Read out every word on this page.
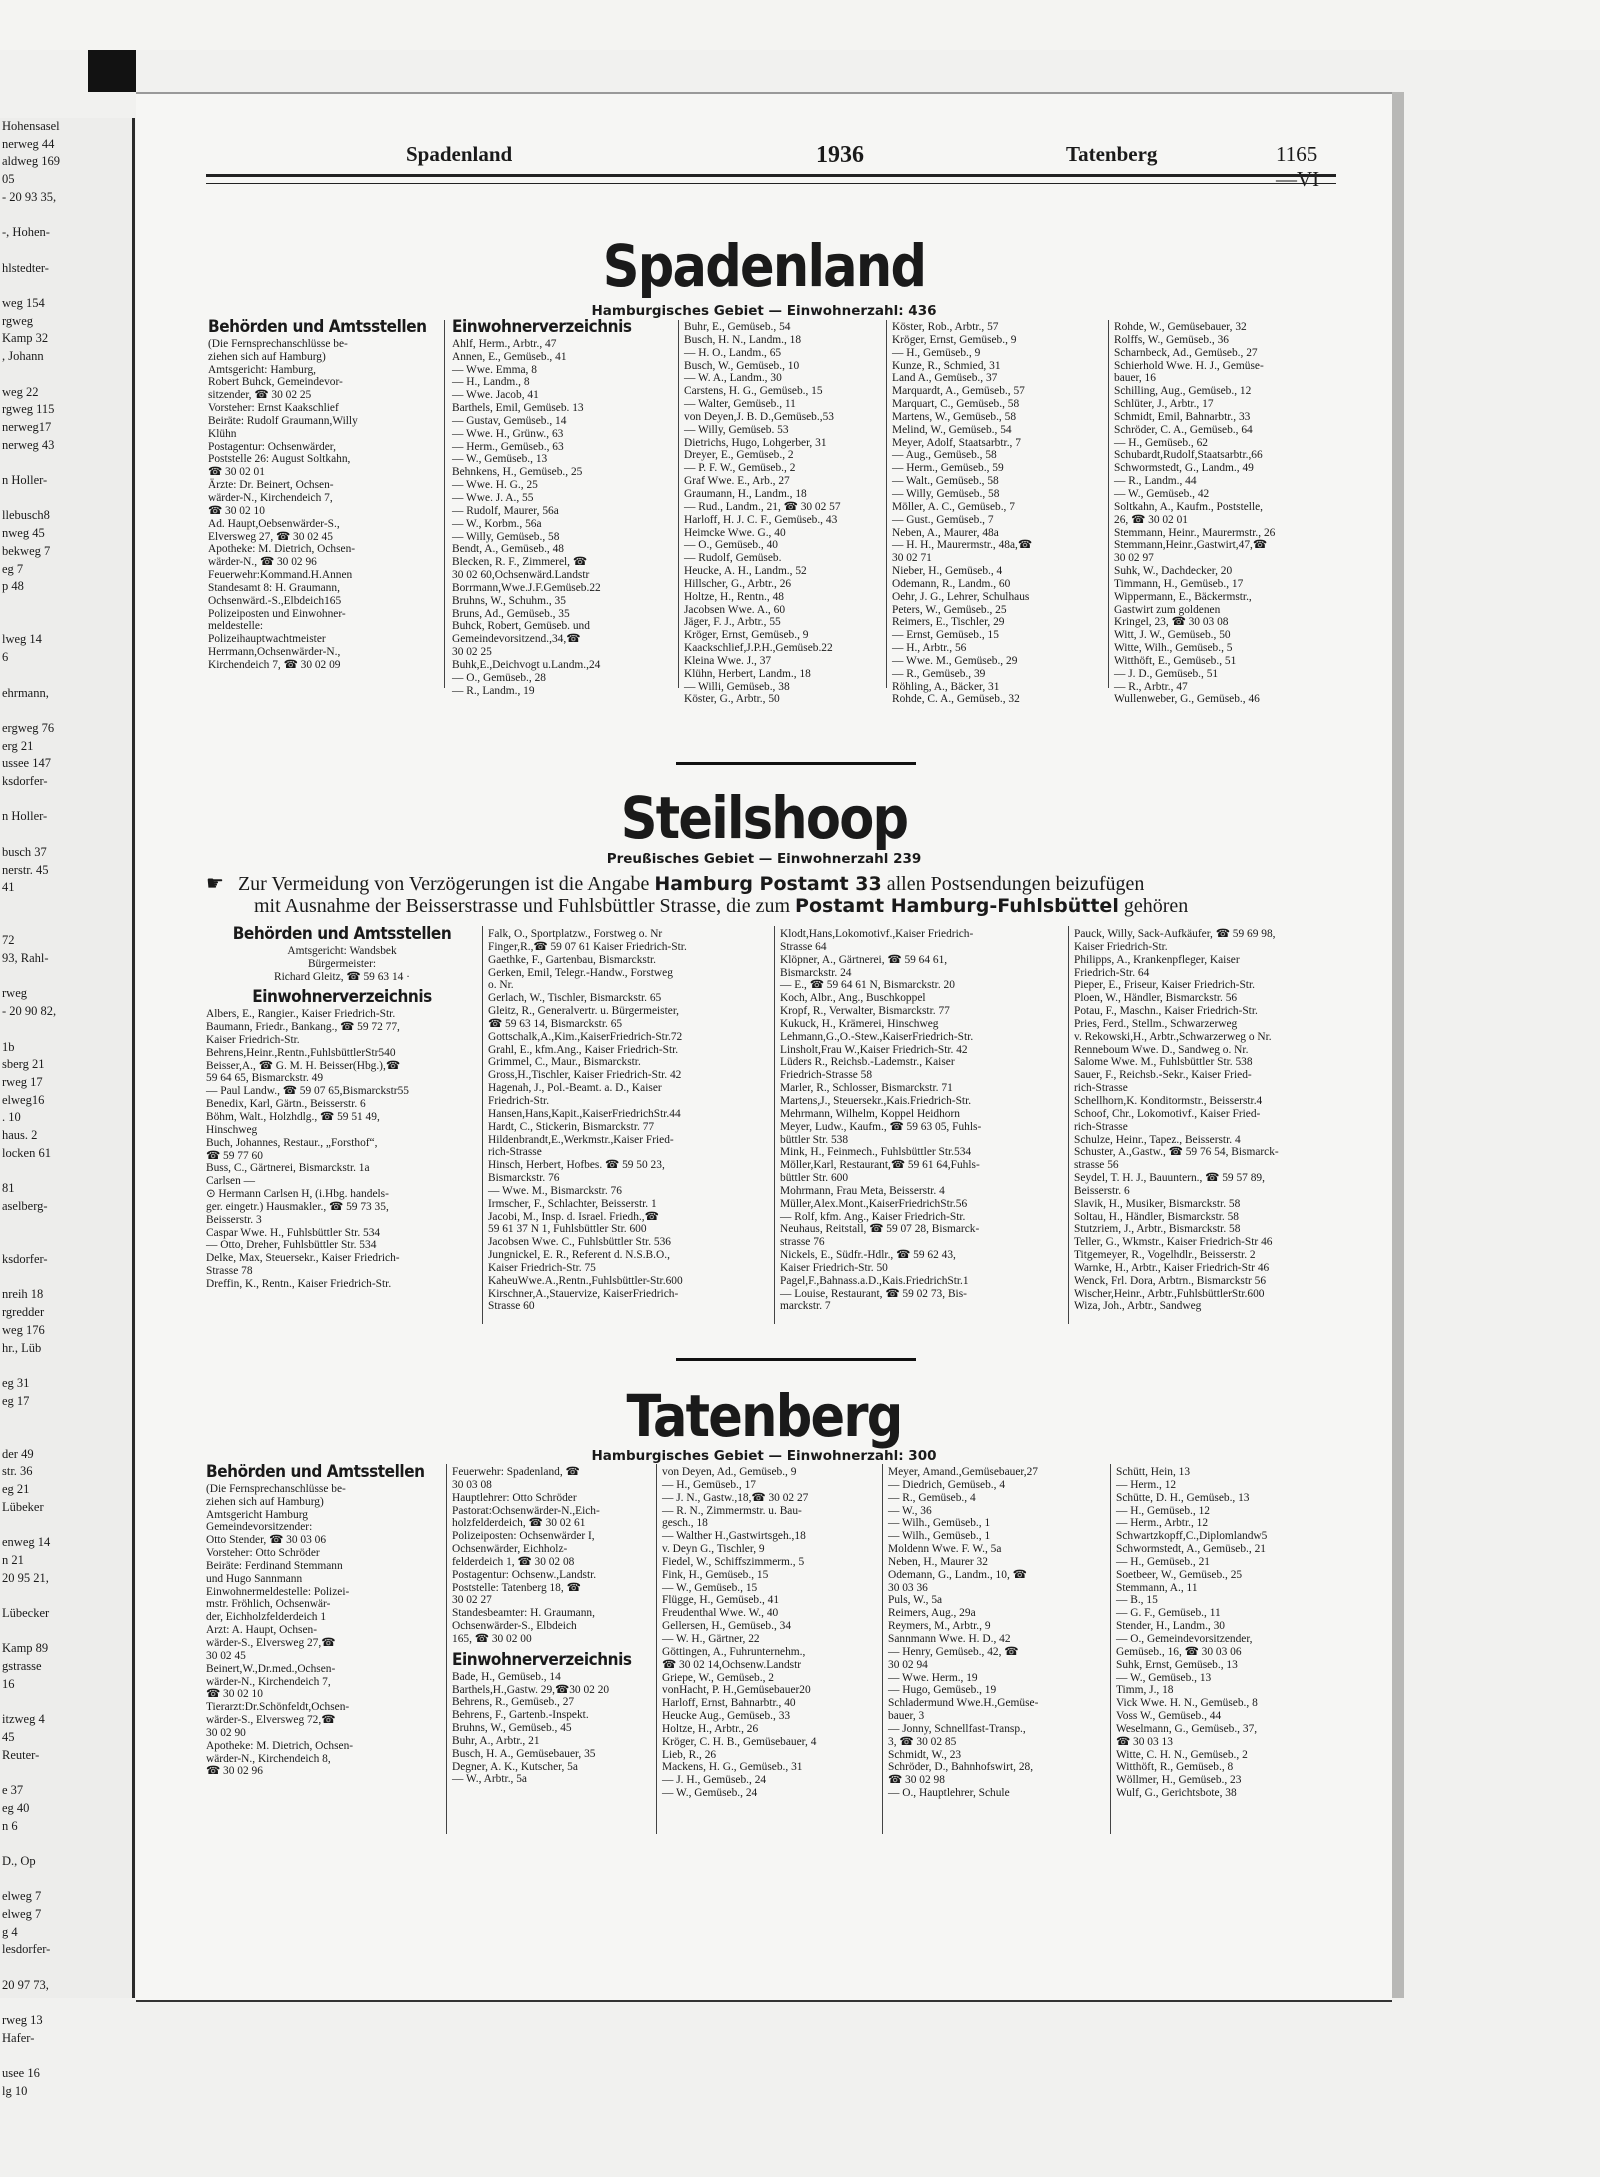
Hohensasel
nerweg 44
aldweg 169
05
- 20 93 35,

-, Hohen-

hlstedter-

weg 154
rgweg
Kamp 32
, Johann

weg 22
rgweg 115
nerweg17
nerweg 43

n Holler-

llebusch8
nweg 45
bekweg 7
eg 7
p 48

lweg 14
6

ehrmann,

ergweg 76
erg 21
ussee 147
ksdorfer-

n Holler-

busch 37
nerstr. 45
41

72
93, Rahl-

rweg
- 20 90 82,

1b
sberg 21
rweg 17
elweg16
. 10
haus. 2
locken 61

81
aselberg-

ksdorfer-

nreih 18
rgredder
weg 176
hr., Lüb

eg 31
eg 17

der 49
str. 36
eg 21
Lübeker

enweg 14
n 21
20 95 21,

Lübecker

Kamp 89
gstrasse
16

itzweg 4
45
Reuter-

e 37
eg 40
n 6

D., Op

elweg 7
elweg 7
g 4
lesdorfer-

20 97 73,

rweg 13
Hafer-

usee 16
lg 10
Spadenland	1936	Tatenberg	1165—VI
Spadenland
Hamburgisches Gebiet — Einwohnerzahl: 436
Behörden und Amtsstellen
(Die Fernsprechanschlüsse be-
ziehen sich auf Hamburg)
Amtsgericht: Hamburg,
Robert Buhck, Gemeindevor-
sitzender, ☎ 30 02 25
Vorsteher: Ernst Kaakschlief
Beiräte: Rudolf Graumann,Willy
Klühn
Postagentur: Ochsenwärder,
Poststelle 26: August Soltkahn,
☎ 30 02 01
Ärzte: Dr. Beinert, Ochsen-
wärder-N., Kirchendeich 7,
☎ 30 02 10
Ad. Haupt,Oebsenwärder-S.,
Elversweg 27, ☎ 30 02 45
Apotheke: M. Dietrich, Ochsen-
wärder-N., ☎ 30 02 96
Feuerwehr:Kommand.H.Annen
Standesamt 8: H. Graumann,
Ochsenwärd.-S.,Elbdeich165
Polizeiposten und Einwohner-
meldestelle:
Polizeihauptwachtmeister
Herrmann,Ochsenwärder-N.,
Kirchendeich 7, ☎ 30 02 09
Einwohnerverzeichnis
Ahlf, Herm., Arbtr., 47
Annen, E., Gemüseb., 41
— Wwe. Emma, 8
— H., Landm., 8
— Wwe. Jacob, 41
Barthels, Emil, Gemüseb. 13
— Gustav, Gemüseb., 14
— Wwe. H., Grünw., 63
— Herm., Gemüseb., 63
— W., Gemüseb., 13
Behnkens, H., Gemüseb., 25
— Wwe. H. G., 25
— Wwe. J. A., 55
— Rudolf, Maurer, 56a
— W., Korbm., 56a
— Willy, Gemüseb., 58
Bendt, A., Gemüseb., 48
Blecken, R. F., Zimmerel, ☎
30 02 60,Ochsenwärd.Landstr
Borrmann,Wwe.J.F.Gemüseb.22
Bruhns, W., Schuhm., 35
Bruns, Ad., Gemüseb., 35
Buhck, Robert, Gemüseb. und
Gemeindevorsitzend.,34,☎
30 02 25
Buhk,E.,Deichvogt u.Landm.,24
— O., Gemüseb., 28
— R., Landm., 19
Buhr, E., Gemüseb., 54
Busch, H. N., Landm., 18
— H. O., Landm., 65
Busch, W., Gemüseb., 10
— W. A., Landm., 30
Carstens, H. G., Gemüseb., 15
— Walter, Gemüseb., 11
von Deyen,J. B. D.,Gemüseb.,53
— Willy, Gemüseb. 53
Dietrichs, Hugo, Lohgerber, 31
Dreyer, E., Gemüseb., 2
— P. F. W., Gemüseb., 2
Graf Wwe. E., Arb., 27
Graumann, H., Landm., 18
— Rud., Landm., 21, ☎ 30 02 57
Harloff, H. J. C. F., Gemüseb., 43
Heimcke Wwe. G., 40
— O., Gemüseb., 40
— Rudolf, Gemüseb.
Heucke, A. H., Landm., 52
Hillscher, G., Arbtr., 26
Holtze, H., Rentn., 48
Jacobsen Wwe. A., 60
Jäger, F. J., Arbtr., 55
Kröger, Ernst, Gemüseb., 9
Kaackschlief,J.P.H.,Gemüseb.22
Kleina Wwe. J., 37
Klühn, Herbert, Landm., 18
— Willi, Gemüseb., 38
Köster, G., Arbtr., 50
Köster, Rob., Arbtr., 57
Kröger, Ernst, Gemüseb., 9
— H., Gemüseb., 9
Kunze, R., Schmied, 31
Land A., Gemüseb., 37
Marquardt, A., Gemüseb., 57
Marquart, C., Gemüseb., 58
Martens, W., Gemüseb., 58
Melind, W., Gemüseb., 54
Meyer, Adolf, Staatsarbtr., 7
— Aug., Gemüseb., 58
— Herm., Gemüseb., 59
— Walt., Gemüseb., 58
— Willy, Gemüseb., 58
Möller, A. C., Gemüseb., 7
— Gust., Gemüseb., 7
Neben, A., Maurer, 48a
— H. H., Maurermstr., 48a,☎
30 02 71
Nieber, H., Gemüseb., 4
Odemann, R., Landm., 60
Oehr, J. G., Lehrer, Schulhaus
Peters, W., Gemüseb., 25
Reimers, E., Tischler, 29
— Ernst, Gemüseb., 15
— H., Arbtr., 56
— Wwe. M., Gemüseb., 29
— R., Gemüseb., 39
Röhling, A., Bäcker, 31
Rohde, C. A., Gemüseb., 32
Rohde, W., Gemüsebauer, 32
Rolffs, W., Gemüseb., 36
Scharnbeck, Ad., Gemüseb., 27
Schierhold Wwe. H. J., Gemüse-
bauer, 16
Schilling, Aug., Gemüseb., 12
Schlüter, J., Arbtr., 17
Schmidt, Emil, Bahnarbtr., 33
Schröder, C. A., Gemüseb., 64
— H., Gemüseb., 62
Schubardt,Rudolf,Staatsarbtr.,66
Schwormstedt, G., Landm., 49
— R., Landm., 44
— W., Gemüseb., 42
Soltkahn, A., Kaufm., Poststelle,
26, ☎ 30 02 01
Stemmann, Heinr., Maurermstr., 26
Stemmann,Heinr.,Gastwirt,47,☎
30 02 97
Suhk, W., Dachdecker, 20
Timmann, H., Gemüseb., 17
Wippermann, E., Bäckermstr.,
Gastwirt zum goldenen
Kringel, 23, ☎ 30 03 08
Witt, J. W., Gemüseb., 50
Witte, Wilh., Gemüseb., 5
Witthöft, E., Gemüseb., 51
— J. D., Gemüseb., 51
— R., Arbtr., 47
Wullenweber, G., Gemüseb., 46
Steilshoop
Preußisches Gebiet — Einwohnerzahl 239
☛ Zur Vermeidung von Verzögerungen ist die Angabe Hamburg Postamt 33 allen Postsendungen beizufügen
mit Ausnahme der Beisserstrasse und Fuhlsbüttler Strasse, die zum Postamt Hamburg-Fuhlsbüttel gehören
Behörden und Amtsstellen
Amtsgericht: Wandsbek
Bürgermeister:
Richard Gleitz, ☎ 59 63 14 ·
Einwohnerverzeichnis
Albers, E., Rangier., Kaiser Friedrich-Str.
Baumann, Friedr., Bankang., ☎ 59 72 77,
Kaiser Friedrich-Str.
Behrens,Heinr.,Rentn.,FuhlsbüttlerStr540
Beisser,A., ☎ G. M. H. Beisser(Hbg.),☎
59 64 65, Bismarckstr. 49
— Paul Landw., ☎ 59 07 65,Bismarckstr55
Benedix, Karl, Gärtn., Beisserstr. 6
Böhm, Walt., Holzhdlg., ☎ 59 51 49,
Hinschweg
Buch, Johannes, Restaur., „Forsthof“,
☎ 59 77 60
Buss, C., Gärtnerei, Bismarckstr. 1a
Carlsen —
⊙ Hermann Carlsen H, (i.Hbg. handels-
ger. eingetr.) Hausmakler., ☎ 59 73 35,
Beisserstr. 3
Caspar Wwe. H., Fuhlsbüttler Str. 534
— Otto, Dreher, Fuhlsbüttler Str. 534
Delke, Max, Steuersekr., Kaiser Friedrich-
Strasse 78
Dreffin, K., Rentn., Kaiser Friedrich-Str.
Falk, O., Sportplatzw., Forstweg o. Nr
Finger,R.,☎ 59 07 61 Kaiser Friedrich-Str.
Gaethke, F., Gartenbau, Bismarckstr.
Gerken, Emil, Telegr.-Handw., Forstweg
o. Nr.
Gerlach, W., Tischler, Bismarckstr. 65
Gleitz, R., Generalvertr. u. Bürgermeister,
☎ 59 63 14, Bismarckstr. 65
Gottschalk,A.,Kim.,KaiserFriedrich-Str.72
Grahl, E., kfm.Ang., Kaiser Friedrich-Str.
Grimmel, C., Maur., Bismarckstr.
Gross,H.,Tischler, Kaiser Friedrich-Str. 42
Hagenah, J., Pol.-Beamt. a. D., Kaiser
Friedrich-Str.
Hansen,Hans,Kapit.,KaiserFriedrichStr.44
Hardt, C., Stickerin, Bismarckstr. 77
Hildenbrandt,E.,Werkmstr.,Kaiser Fried-
rich-Strasse
Hinsch, Herbert, Hofbes. ☎ 59 50 23,
Bismarckstr. 76
— Wwe. M., Bismarckstr. 76
Irmscher, F., Schlachter, Beisserstr. 1
Jacobi, M., Insp. d. Israel. Friedh.,☎
59 61 37 N 1, Fuhlsbüttler Str. 600
Jacobsen Wwe. C., Fuhlsbüttler Str. 536
Jungnickel, E. R., Referent d. N.S.B.O.,
Kaiser Friedrich-Str. 75
KaheuWwe.A.,Rentn.,Fuhlsbüttler-Str.600
Kirschner,A.,Stauervize, KaiserFriedrich-
Strasse 60
Klodt,Hans,Lokomotivf.,Kaiser Friedrich-
Strasse 64
Klöpner, A., Gärtnerei, ☎ 59 64 61,
Bismarckstr. 24
— E., ☎ 59 64 61 N, Bismarckstr. 20
Koch, Albr., Ang., Buschkoppel
Kropf, R., Verwalter, Bismarckstr. 77
Kukuck, H., Krämerei, Hinschweg
Lehmann,G.,O.-Stew.,KaiserFriedrich-Str.
Linsholt,Frau W.,Kaiser Friedrich-Str. 42
Lüders R., Reichsb.-Lademstr., Kaiser
Friedrich-Strasse 58
Marler, R., Schlosser, Bismarckstr. 71
Martens,J., Steuersekr.,Kais.Friedrich-Str.
Mehrmann, Wilhelm, Koppel Heidhorn
Meyer, Ludw., Kaufm., ☎ 59 63 05, Fuhls-
büttler Str. 538
Mink, H., Feinmech., Fuhlsbüttler Str.534
Möller,Karl, Restaurant,☎ 59 61 64,Fuhls-
büttler Str. 600
Mohrmann, Frau Meta, Beisserstr. 4
Müller,Alex.Mont.,KaiserFriedrichStr.56
— Rolf, kfm. Ang., Kaiser Friedrich-Str.
Neuhaus, Reitstall, ☎ 59 07 28, Bismarck-
strasse 76
Nickels, E., Südfr.-Hdlr., ☎ 59 62 43,
Kaiser Friedrich-Str. 50
Pagel,F.,Bahnass.a.D.,Kais.FriedrichStr.1
— Louise, Restaurant, ☎ 59 02 73, Bis-
marckstr. 7
Pauck, Willy, Sack-Aufkäufer, ☎ 59 69 98,
Kaiser Friedrich-Str.
Philipps, A., Krankenpfleger, Kaiser
Friedrich-Str. 64
Pieper, E., Friseur, Kaiser Friedrich-Str.
Ploen, W., Händler, Bismarckstr. 56
Potau, F., Maschn., Kaiser Friedrich-Str.
Pries, Ferd., Stellm., Schwarzerweg
v. Rekowski,H., Arbtr.,Schwarzerweg o Nr.
Renneboum Wwe. D., Sandweg o. Nr.
Salome Wwe. M., Fuhlsbüttler Str. 538
Sauer, F., Reichsb.-Sekr., Kaiser Fried-
rich-Strasse
Schellhorn,K. Konditormstr., Beisserstr.4
Schoof, Chr., Lokomotivf., Kaiser Fried-
rich-Strasse
Schulze, Heinr., Tapez., Beisserstr. 4
Schuster, A.,Gastw., ☎ 59 76 54, Bismarck-
strasse 56
Seydel, T. H. J., Bauuntern., ☎ 59 57 89,
Beisserstr. 6
Slavik, H., Musiker, Bismarckstr. 58
Soltau, H., Händler, Bismarckstr. 58
Stutzriem, J., Arbtr., Bismarckstr. 58
Teller, G., Wkmstr., Kaiser Friedrich-Str 46
Titgemeyer, R., Vogelhdlr., Beisserstr. 2
Warnke, H., Arbtr., Kaiser Friedrich-Str 46
Wenck, Frl. Dora, Arbtrn., Bismarckstr 56
Wischer,Heinr., Arbtr.,FuhlsbüttlerStr.600
Wiza, Joh., Arbtr., Sandweg
Tatenberg
Hamburgisches Gebiet — Einwohnerzahl: 300
Behörden und Amtsstellen
(Die Fernsprechanschlüsse be-
ziehen sich auf Hamburg)
Amtsgericht Hamburg
Gemeindevorsitzender:
Otto Stender, ☎ 30 03 06
Vorsteher: Otto Schröder
Beiräte: Ferdinand Stemmann
und Hugo Sannmann
Einwohnermeldestelle: Polizei-
mstr. Fröhlich, Ochsenwär-
der, Eichholzfelderdeich 1
Arzt: A. Haupt, Ochsen-
wärder-S., Elversweg 27,☎
30 02 45
Beinert,W.,Dr.med.,Ochsen-
wärder-N., Kirchendeich 7,
☎ 30 02 10
Tierarzt:Dr.Schönfeldt,Ochsen-
wärder-S., Elversweg 72,☎
30 02 90
Apotheke: M. Dietrich, Ochsen-
wärder-N., Kirchendeich 8,
☎ 30 02 96
Feuerwehr: Spadenland, ☎
30 03 08
Hauptlehrer: Otto Schröder
Pastorat:Ochsenwärder-N.,Eich-
holzfelderdeich, ☎ 30 02 61
Polizeiposten: Ochsenwärder I,
Ochsenwärder, Eichholz-
felderdeich 1, ☎ 30 02 08
Postagentur: Ochsenw.,Landstr.
Poststelle: Tatenberg 18, ☎
30 02 27
Standesbeamter: H. Graumann,
Ochsenwärder-S., Elbdeich
165, ☎ 30 02 00
Einwohnerverzeichnis
Bade, H., Gemüseb., 14
Barthels,H.,Gastw. 29,☎30 02 20
Behrens, R., Gemüseb., 27
Behrens, F., Gartenb.-Inspekt.
Bruhns, W., Gemüseb., 45
Buhr, A., Arbtr., 21
Busch, H. A., Gemüsebauer, 35
Degner, A. K., Kutscher, 5a
— W., Arbtr., 5a
von Deyen, Ad., Gemüseb., 9
— H., Gemüseb., 17
— J. N., Gastw.,18,☎ 30 02 27
— R. N., Zimmermstr. u. Bau-
gesch., 18
— Walther H.,Gastwirtsgeh.,18
v. Deyn G., Tischler, 9
Fiedel, W., Schiffszimmerm., 5
Fink, H., Gemüseb., 15
— W., Gemüseb., 15
Flügge, H., Gemüseb., 41
Freudenthal Wwe. W., 40
Gellersen, H., Gemüseb., 34
— W. H., Gärtner, 22
Göttingen, A., Fuhrunternehm.,
☎ 30 02 14,Ochsenw.Landstr
Griepe, W., Gemüseb., 2
vonHacht, P. H.,Gemüsebauer20
Harloff, Ernst, Bahnarbtr., 40
Heucke Aug., Gemüseb., 33
Holtze, H., Arbtr., 26
Kröger, C. H. B., Gemüsebauer, 4
Lieb, R., 26
Mackens, H. G., Gemüseb., 31
— J. H., Gemüseb., 24
— W., Gemüseb., 24
Meyer, Amand.,Gemüsebauer,27
— Diedrich, Gemüseb., 4
— R., Gemüseb., 4
— W., 36
— Wilh., Gemüseb., 1
— Wilh., Gemüseb., 1
Moldenn Wwe. F. W., 5a
Neben, H., Maurer 32
Odemann, G., Landm., 10, ☎
30 03 36
Puls, W., 5a
Reimers, Aug., 29a
Reymers, M., Arbtr., 9
Sannmann Wwe. H. D., 42
— Henry, Gemüseb., 42, ☎
30 02 94
— Wwe. Herm., 19
— Hugo, Gemüseb., 19
Schladermund Wwe.H.,Gemüse-
bauer, 3
— Jonny, Schnellfast-Transp.,
3, ☎ 30 02 85
Schmidt, W., 23
Schröder, D., Bahnhofswirt, 28,
☎ 30 02 98
— O., Hauptlehrer, Schule
Schütt, Hein, 13
— Herm., 12
Schütte, D. H., Gemüseb., 13
— H., Gemüseb., 12
— Herm., Arbtr., 12
Schwartzkopff,C.,Diplomlandw5
Schwormstedt, A., Gemüseb., 21
— H., Gemüseb., 21
Soetbeer, W., Gemüseb., 25
Stemmann, A., 11
— B., 15
— G. F., Gemüseb., 11
Stender, H., Landm., 30
— O., Gemeindevorsitzender,
Gemüseb., 16, ☎ 30 03 06
Suhk, Ernst, Gemüseb., 13
— W., Gemüseb., 13
Timm, J., 18
Vick Wwe. H. N., Gemüseb., 8
Voss W., Gemüseb., 44
Weselmann, G., Gemüseb., 37,
☎ 30 03 13
Witte, C. H. N., Gemüseb., 2
Witthöft, R., Gemüseb., 8
Wöllmer, H., Gemüseb., 23
Wulf, G., Gerichtsbote, 38
